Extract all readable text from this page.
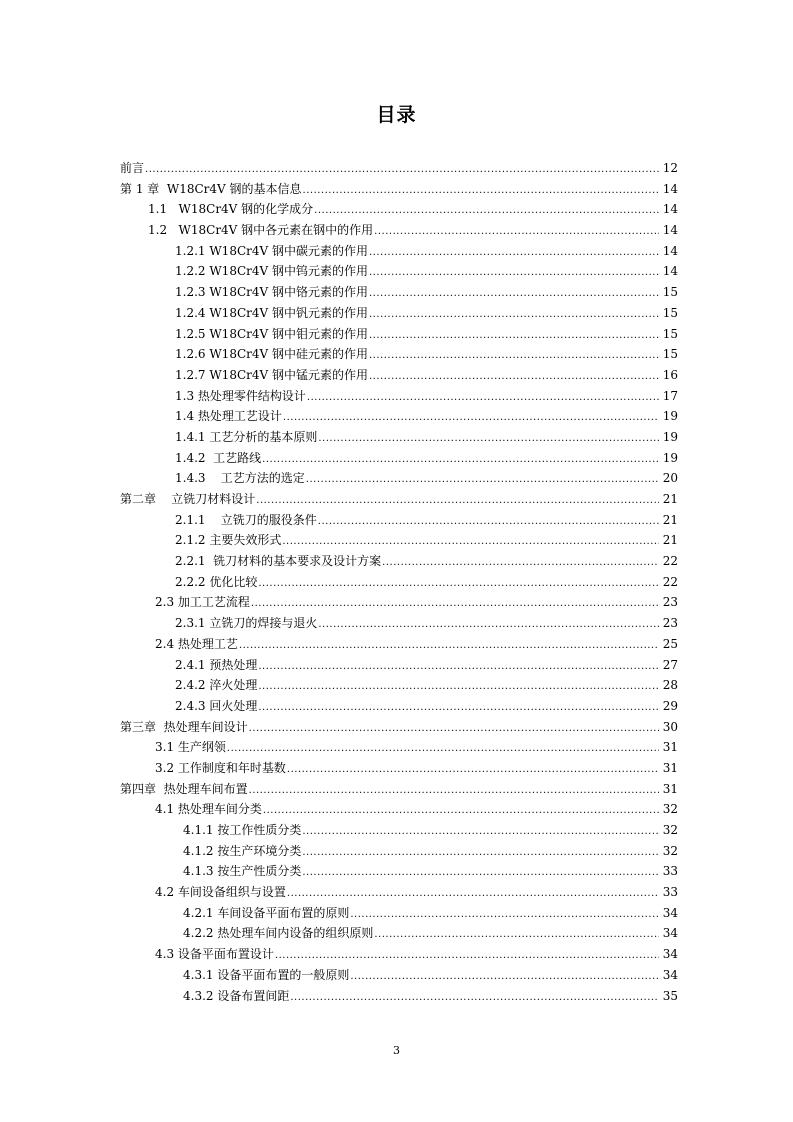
目录
前言 .....	12
第 1 章  W18Cr4V 钢的基本信息 .....	14
1.1   W18Cr4V 钢的化学成分 .....	14
1.2   W18Cr4V 钢中各元素在钢中的作用 .....	14
1.2.1 W18Cr4V 钢中碳元素的作用 .....	14
1.2.2 W18Cr4V 钢中钨元素的作用 .....	14
1.2.3 W18Cr4V 钢中铬元素的作用 .....	15
1.2.4 W18Cr4V 钢中钒元素的作用 .....	15
1.2.5 W18Cr4V 钢中钼元素的作用 .....	15
1.2.6 W18Cr4V 钢中硅元素的作用 .....	15
1.2.7 W18Cr4V 钢中锰元素的作用 .....	16
1.3 热处理零件结构设计 .....	17
1.4 热处理工艺设计 .....	19
1.4.1 工艺分析的基本原则 .....	19
1.4.2  工艺路线 .....	19
1.4.3    工艺方法的选定 .....	20
第二章    立铣刀材料设计 .....	21
2.1.1    立铣刀的服役条件 .....	21
2.1.2 主要失效形式 .....	21
2.2.1  铣刀材料的基本要求及设计方案 .....	22
2.2.2 优化比较 .....	22
2.3 加工工艺流程 .....	23
2.3.1 立铣刀的焊接与退火 .....	23
2.4 热处理工艺 .....	25
2.4.1 预热处理 .....	27
2.4.2 淬火处理 .....	28
2.4.3 回火处理 .....	29
第三章  热处理车间设计 .....	30
3.1 生产纲领 .....	31
3.2 工作制度和年时基数 .....	31
第四章  热处理车间布置 .....	31
4.1 热处理车间分类 .....	32
4.1.1 按工作性质分类 .....	32
4.1.2 按生产环境分类 .....	32
4.1.3 按生产性质分类 .....	33
4.2 车间设备组织与设置 .....	33
4.2.1 车间设备平面布置的原则 .....	34
4.2.2 热处理车间内设备的组织原则 .....	34
4.3 设备平面布置设计 .....	34
4.3.1 设备平面布置的一般原则 .....	34
4.3.2 设备布置间距 .....	35
3
